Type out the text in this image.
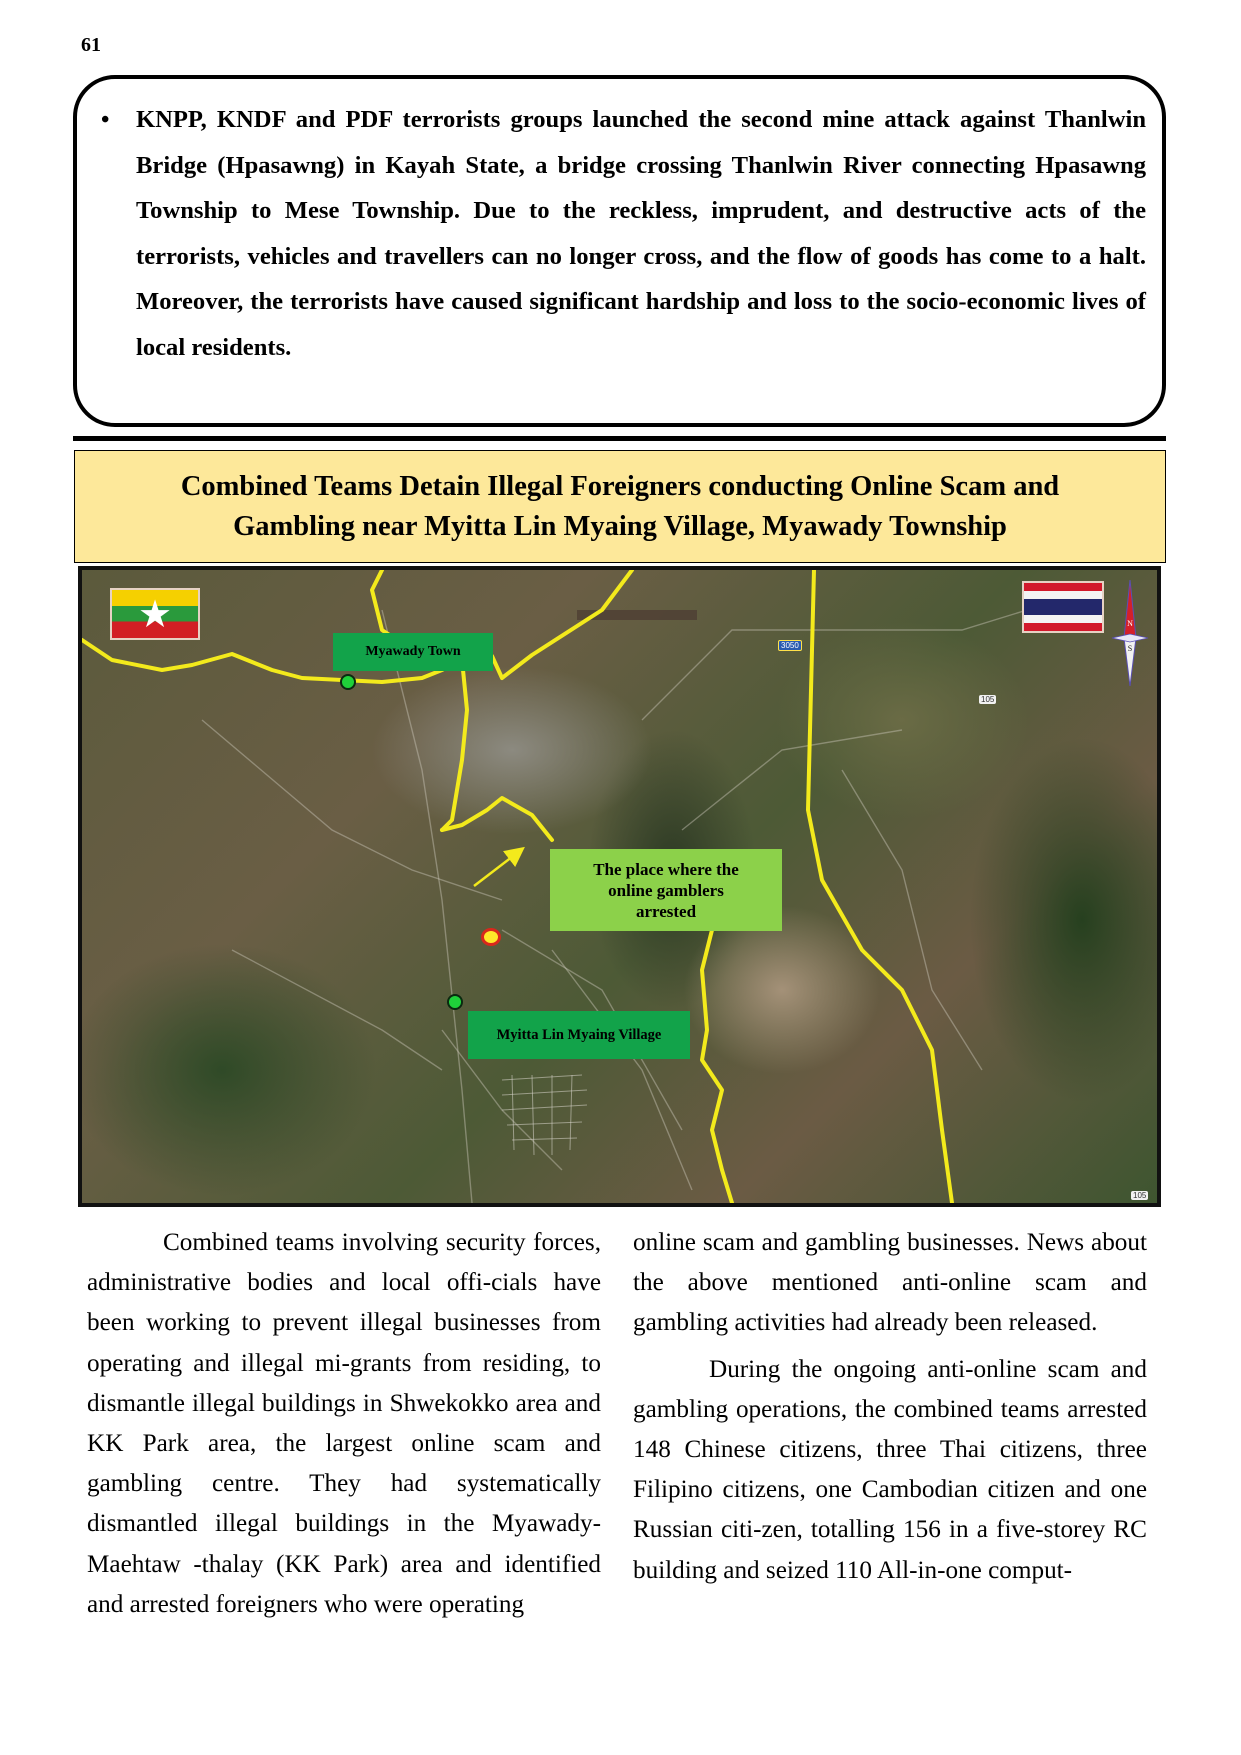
61
• KNPP, KNDF and PDF terrorists groups launched the second mine attack against Thanlwin Bridge (Hpasawng) in Kayah State, a bridge crossing Thanlwin River connecting Hpasawng Township to Mese Township. Due to the reckless, imprudent, and destructive acts of the terrorists, vehicles and travellers can no longer cross, and the flow of goods has come to a halt. Moreover, the terrorists have caused significant hardship and loss to the socio-economic lives of local residents.
Combined Teams Detain Illegal Foreigners conducting Online Scam and
Gambling near Myitta Lin Myaing Village, Myawady Township
★	N
S
3050
105
105
Myawady Town
The place where the
online gamblers
arrested
Myitta Lin Myaing Village

Combined teams involving security forces, administrative bodies and local offi-cials have been working to prevent illegal businesses from operating and illegal mi-grants from residing, to dismantle illegal buildings in Shwekokko area and KK Park area, the largest online scam and gambling centre. They had systematically dismantled illegal buildings in the Myawady-Maehtaw -thalay (KK Park) area and identified and arrested foreigners who were operating

online scam and gambling businesses. News about the above mentioned anti-online scam and gambling activities had already been released.

During the ongoing anti-online scam and gambling operations, the combined teams arrested 148 Chinese citizens, three Thai citizens, three Filipino citizens, one Cambodian citizen and one Russian citi-zen, totalling 156 in a five-storey RC building and seized 110 All-in-one comput-
